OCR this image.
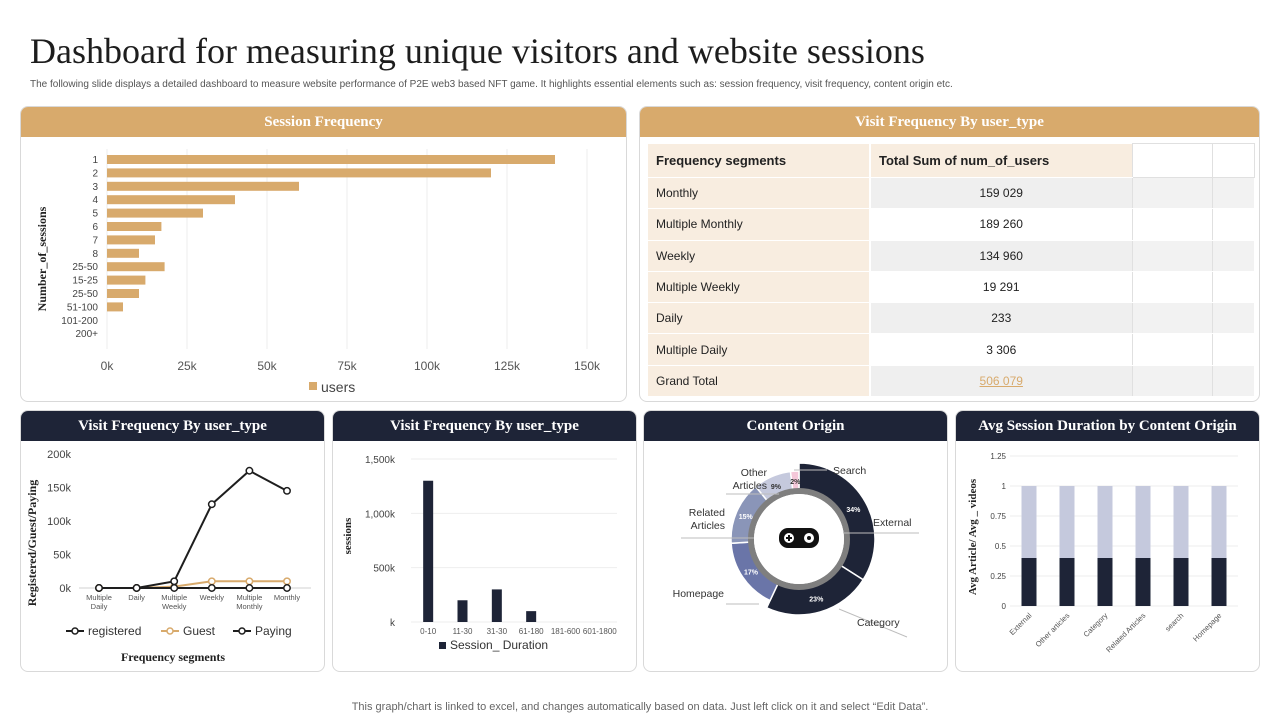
Dashboard for measuring unique visitors and website sessions
The following slide displays a detailed dashboard to measure website performance of P2E web3 based NFT game. It highlights essential elements such as: session frequency, visit frequency, content origin etc.
Session Frequency
0k	25k	50k	75k	100k	125k	150k
1
2
3
4
5
6
7
8
25-50
15-25
25-50
51-100
101-200
200+
Number_of_sessions
users
Visit Frequency By user_type
Frequency segments	Total Sum of num_of_users		
Monthly	159 029		
Multiple Monthly	189 260		
Weekly	134 960		
Multiple Weekly	19 291		
Daily	233		
Multiple Daily	3 306		
Grand Total	506 079		
Visit Frequency By user_type
0k
50k
100k
150k
200k
Multiple
Daily
Daily Multiple
Weekly
Weekly Multiple
Monthly
Monthly
Registered/Guest/Paying
registered	Guest	Paying
Frequency segments
Visit Frequency By user_type
k
500k
1,000k
1,500k
0-10 11-30 31-30 61-180 181-600 601-1800
sessions
Session_ Duration
Content Origin
34%
23%
17%
15%
9%
2%
External
Category
Homepage
Related
Articles
Other
Articles
Search
Avg Session Duration by Content Origin
0
0.25
0.5
0.75
1
1.25
External Other articles Category
Related Articles search Homepage
Avg Article/ Avg _ videos
This graph/chart is linked to excel, and changes automatically based on data. Just left click on it and select “Edit Data”.
